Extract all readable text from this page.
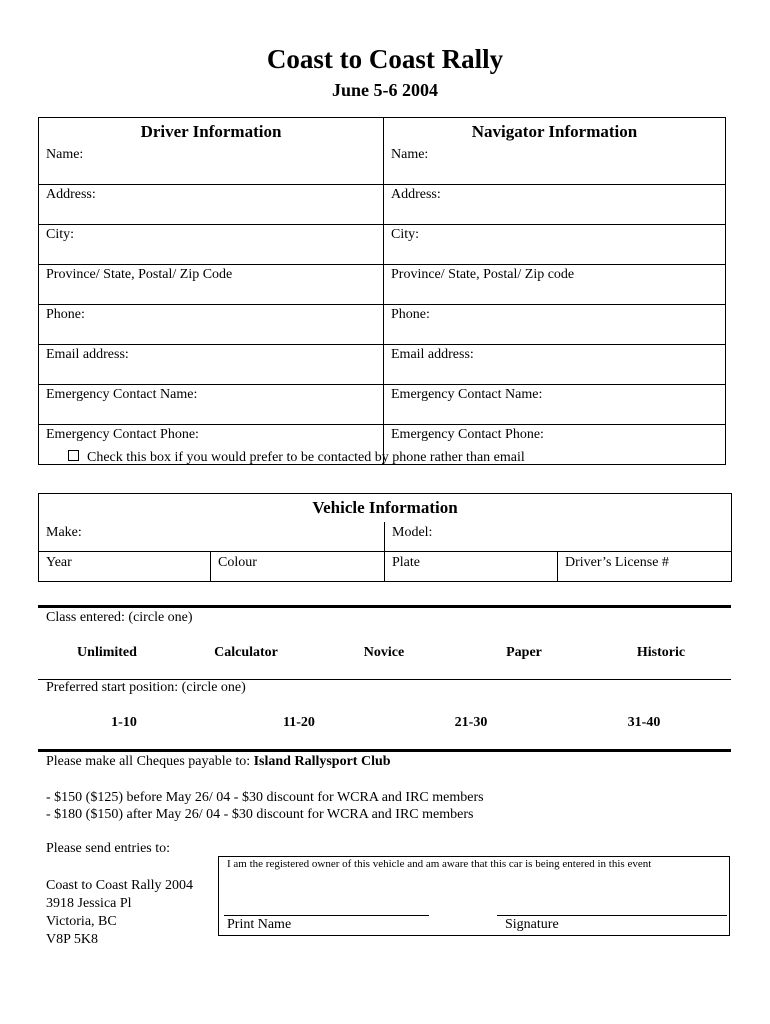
Coast to Coast Rally
June 5-6 2004
Driver Information	Navigator Information
Name:	Name:
Address:	Address:
City:	City:
Province/ State, Postal/ Zip Code	Province/ State, Postal/ Zip code
Phone:	Phone:
Email address:	Email address:
Emergency Contact Name:	Emergency Contact Name:
Emergency Contact Phone:	Emergency Contact Phone:
Check this box if you would prefer to be contacted by phone rather than email
Vehicle Information			
Make:		Model:	
Year	Colour	Plate	Driver’s License #
Class entered: (circle one)
Unlimited	Calculator	Novice	Paper	Historic
Preferred start position: (circle one)
1-10	11-20	21-30	31-40
Please make all Cheques payable to: Island Rallysport Club
- $150 ($125) before May 26/ 04 - $30 discount for WCRA and IRC members
- $180 ($150) after May 26/ 04 - $30 discount for WCRA and IRC members
Please send entries to:
Coast to Coast Rally 2004
3918 Jessica Pl
Victoria, BC
V8P 5K8
I am the registered owner of this vehicle and am aware that this car is being entered in this event
Print Name	Signature
